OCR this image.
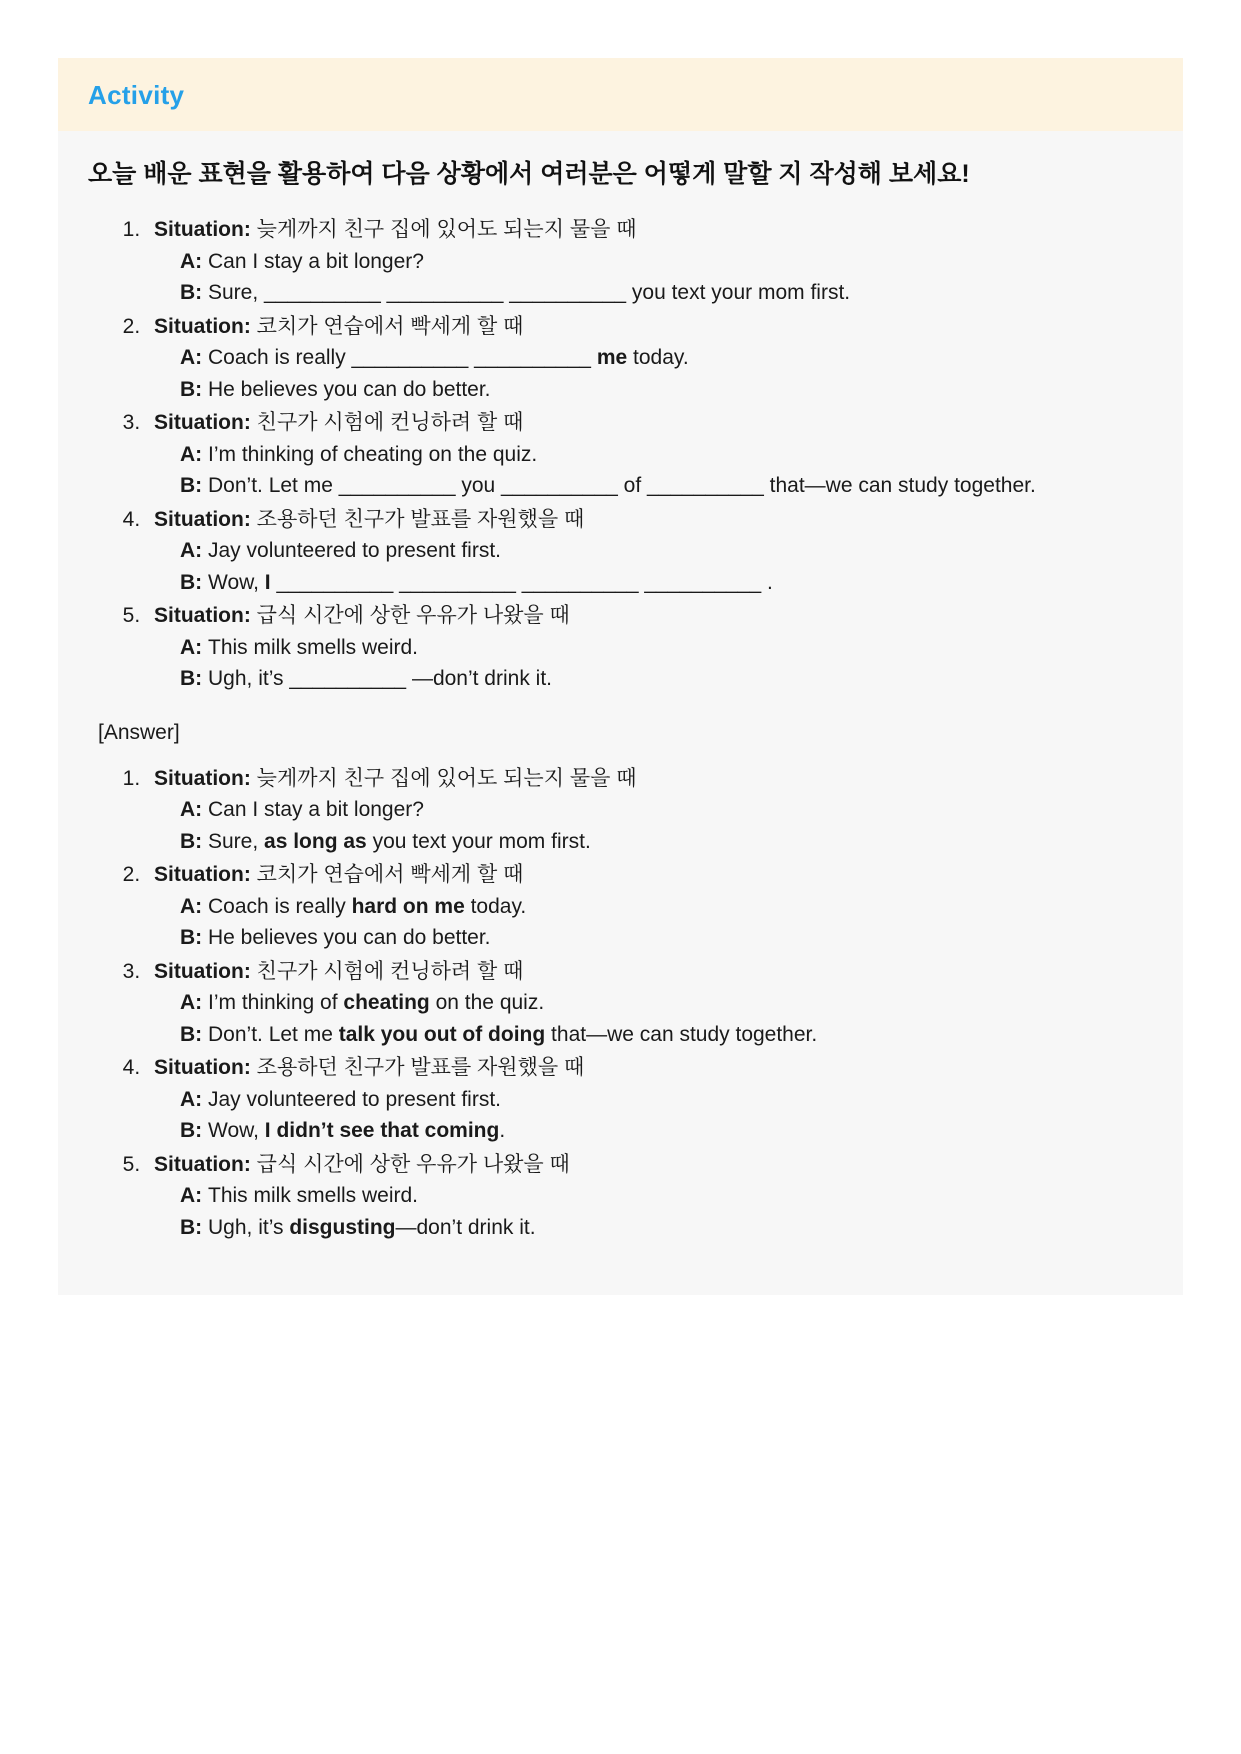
Activity
오늘 배운 표현을 활용하여 다음 상황에서 여러분은 어떻게 말할 지 작성해 보세요!
1. Situation: 늦게까지 친구 집에 있어도 되는지 물을 때
A: Can I stay a bit longer?
B: Sure, __________ __________ __________ you text your mom first.
2. Situation: 코치가 연습에서 빡세게 할 때
A: Coach is really __________ __________ me today.
B: He believes you can do better.
3. Situation: 친구가 시험에 컨닝하려 할 때
A: I’m thinking of cheating on the quiz.
B: Don’t. Let me __________ you __________ of __________ that—we can study together.
4. Situation: 조용하던 친구가 발표를 자원했을 때
A: Jay volunteered to present first.
B: Wow, I __________ __________ __________ __________ .
5. Situation: 급식 시간에 상한 우유가 나왔을 때
A: This milk smells weird.
B: Ugh, it’s __________ —don’t drink it.
[Answer]
1. Situation: 늦게까지 친구 집에 있어도 되는지 물을 때
A: Can I stay a bit longer?
B: Sure, as long as you text your mom first.
2. Situation: 코치가 연습에서 빡세게 할 때
A: Coach is really hard on me today.
B: He believes you can do better.
3. Situation: 친구가 시험에 컨닝하려 할 때
A: I’m thinking of cheating on the quiz.
B: Don’t. Let me talk you out of doing that—we can study together.
4. Situation: 조용하던 친구가 발표를 자원했을 때
A: Jay volunteered to present first.
B: Wow, I didn’t see that coming.
5. Situation: 급식 시간에 상한 우유가 나왔을 때
A: This milk smells weird.
B: Ugh, it’s disgusting—don’t drink it.
